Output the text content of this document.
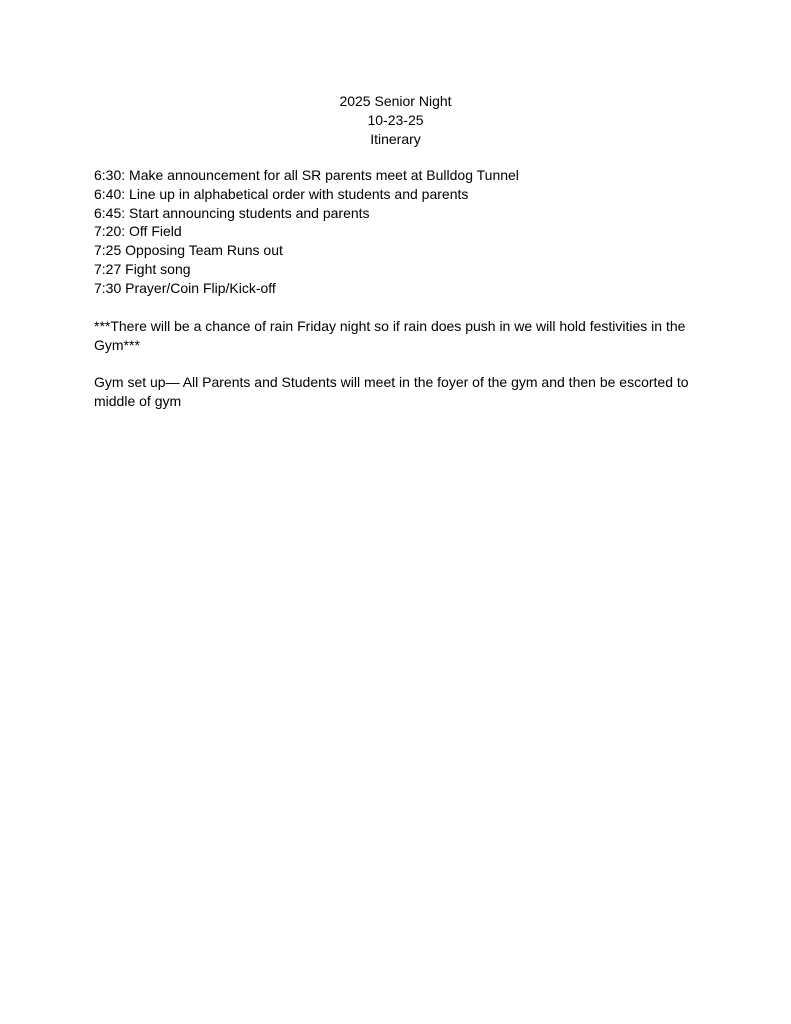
2025 Senior Night
10-23-25
Itinerary
6:30: Make announcement for all SR parents meet at Bulldog Tunnel
6:40: Line up in alphabetical order with students and parents
6:45: Start announcing students and parents
7:20: Off Field
7:25 Opposing Team Runs out
7:27 Fight song
7:30 Prayer/Coin Flip/Kick-off
***There will be a chance of rain Friday night so if rain does push in we will hold festivities in the Gym***
Gym set up— All Parents and Students will meet in the foyer of the gym and then be escorted to middle of gym
